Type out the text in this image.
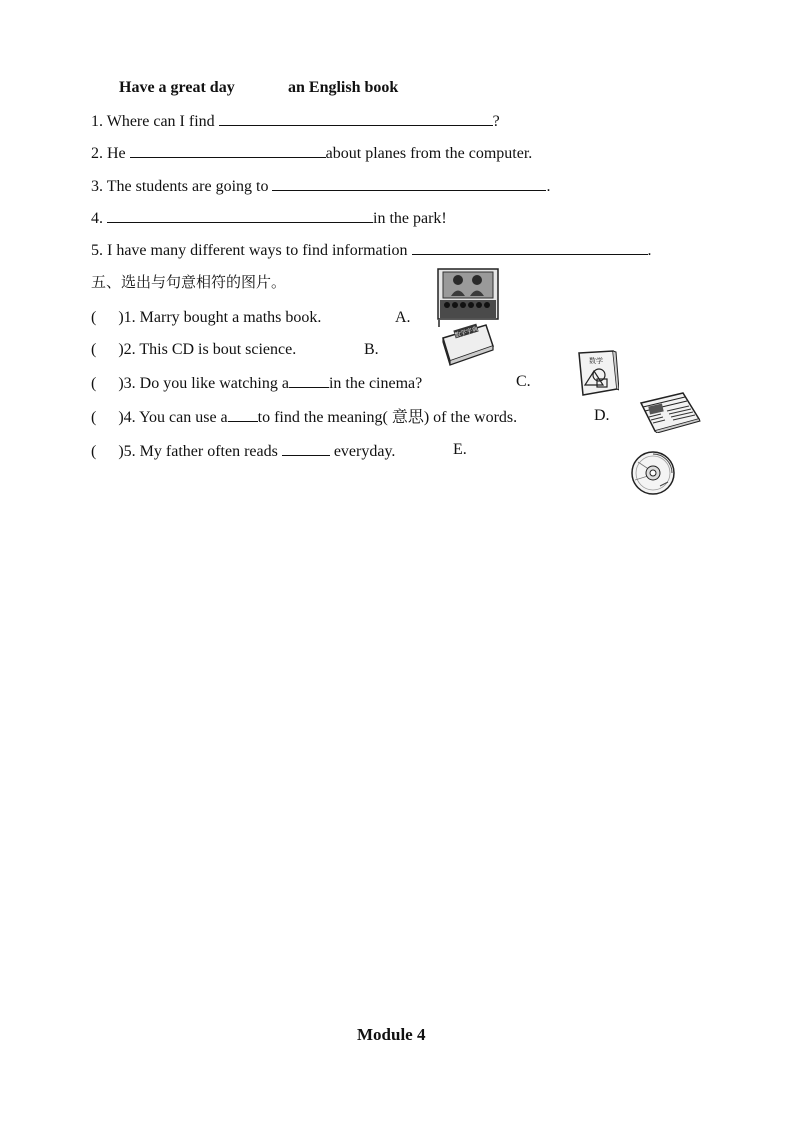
Have a great day	an English book
1. Where can I find	?
2. He	about planes from the computer.
3. The students are going to	.
4.	in the park!
5. I have many different ways to find information	.
五、选出与句意相符的图片。
( )1. Marry bought a maths book.	A.
( )2. This CD is bout science.	B.
( )3. Do you like watching a	in the cinema?	C.
( )4. You can use a to find the meaning( 意思) of the words.	D.
( )5. My father often reads	everyday.	E.
数学字典
数学
Module 4
